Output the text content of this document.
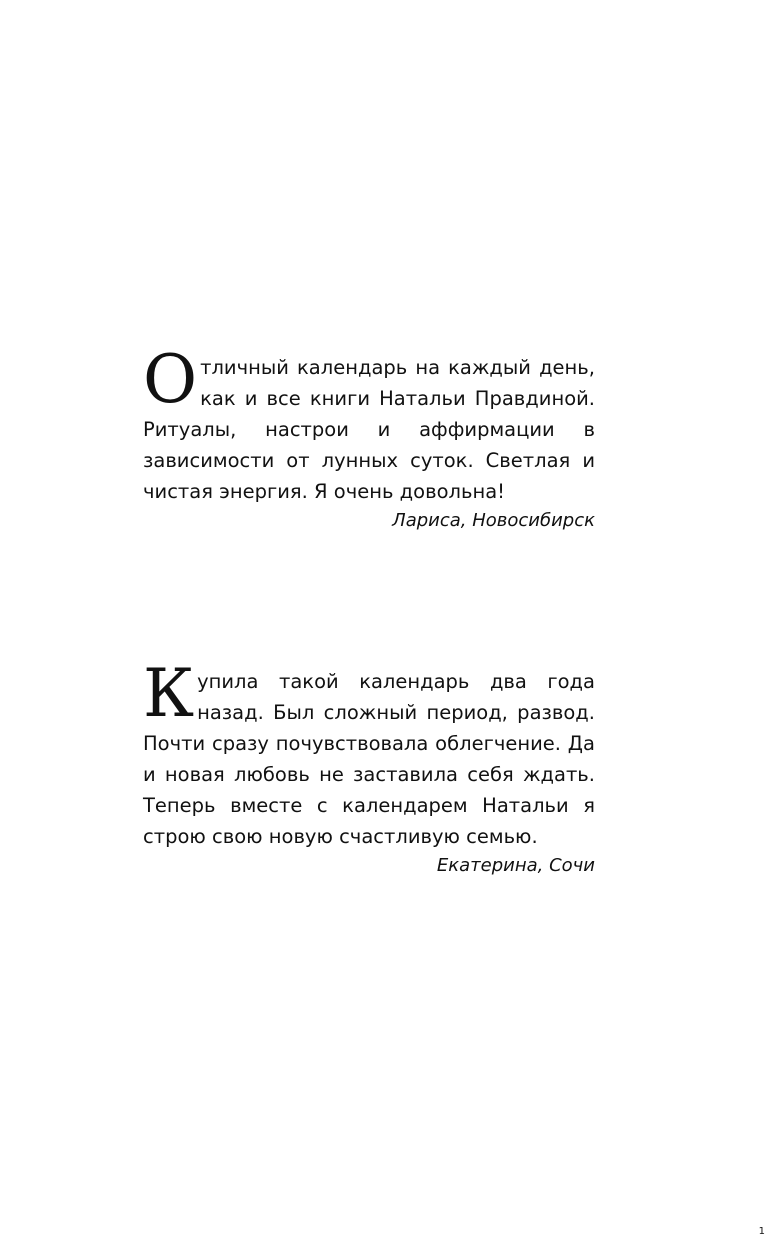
Отличный календарь на каждый день, как и все книги Натальи Правдиной. Ритуалы, настрои и аффирмации в зависимости от лунных суток. Светлая и чистая энергия. Я очень довольна!

Лариса, Новосибирск

Купила такой календарь два года назад. Был сложный период, развод. Почти сразу почувствовала облегчение. Да и новая любовь не заставила себя ждать. Теперь вместе с календарем Натальи я строю свою новую счастливую семью.

Екатерина, Сочи
1
